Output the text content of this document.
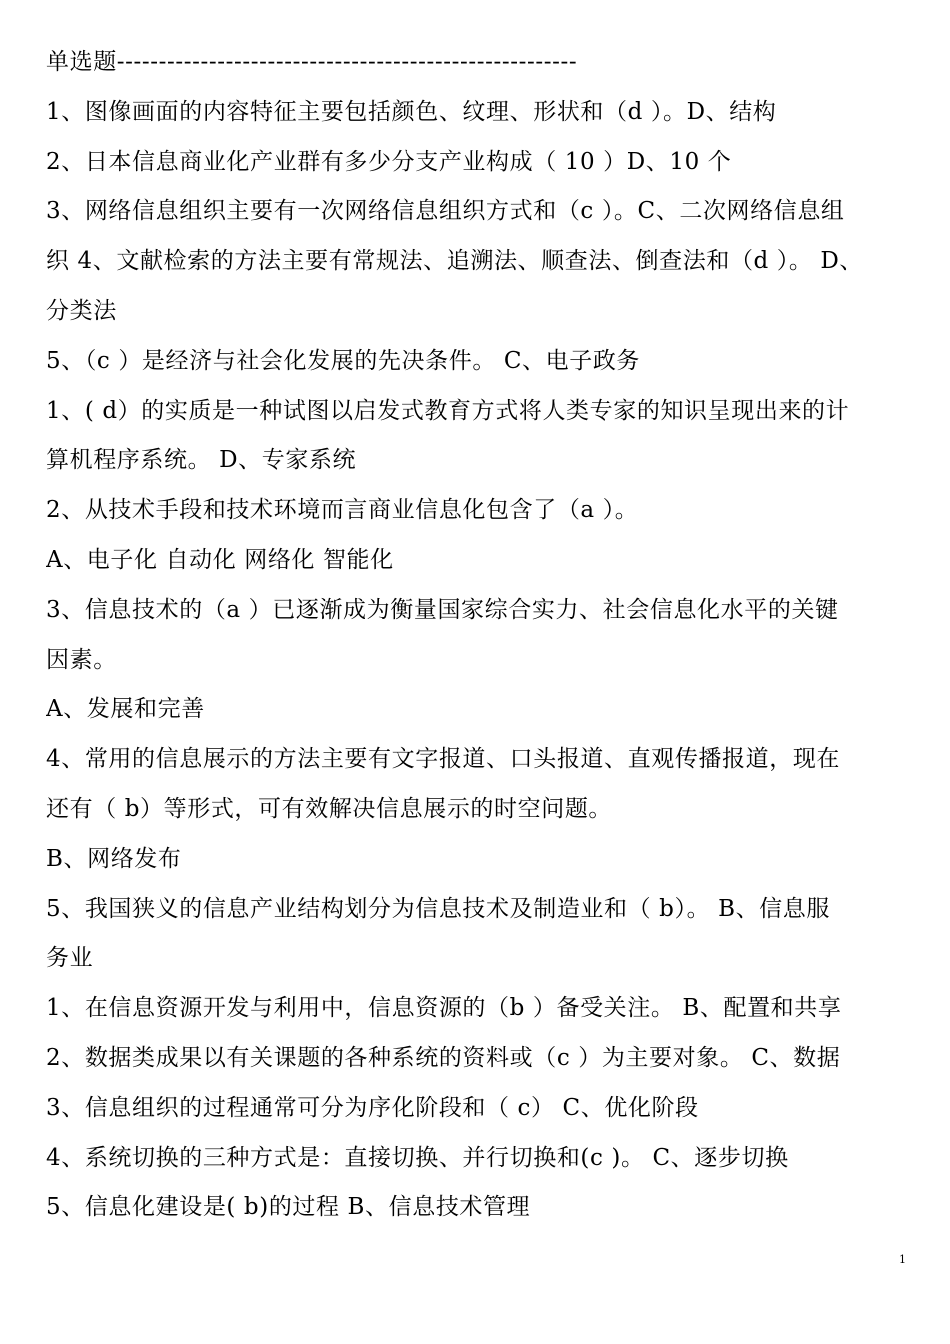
单选题-------------------------------------------------------
1、图像画面的内容特征主要包括颜色、纹理、形状和（d ）。D、结构
2、日本信息商业化产业群有多少分支产业构成（ 10 ）D、10 个
3、网络信息组织主要有一次网络信息组织方式和（c ）。C、二次网络信息组
织 4、文献检索的方法主要有常规法、追溯法、顺查法、倒查法和（d ）。 D、
分类法
5、（c ）是经济与社会化发展的先决条件。 C、电子政务
1、( d）的实质是一种试图以启发式教育方式将人类专家的知识呈现出来的计
算机程序系统。 D、专家系统
2、从技术手段和技术环境而言商业信息化包含了（a ）。
A、电子化 自动化 网络化 智能化
3、信息技术的（a ）已逐渐成为衡量国家综合实力、社会信息化水平的关键
因素。
A、发展和完善
4、常用的信息展示的方法主要有文字报道、口头报道、直观传播报道，现在
还有（ b）等形式，可有效解决信息展示的时空问题。
B、网络发布
5、我国狭义的信息产业结构划分为信息技术及制造业和（ b）。 B、信息服
务业
1、在信息资源开发与利用中，信息资源的（b ）备受关注。 B、配置和共享
2、数据类成果以有关课题的各种系统的资料或（c ）为主要对象。 C、数据
3、信息组织的过程通常可分为序化阶段和（ c） C、优化阶段
4、系统切换的三种方式是：直接切换、并行切换和(c )。 C、逐步切换
5、信息化建设是( b)的过程 B、信息技术管理
1
